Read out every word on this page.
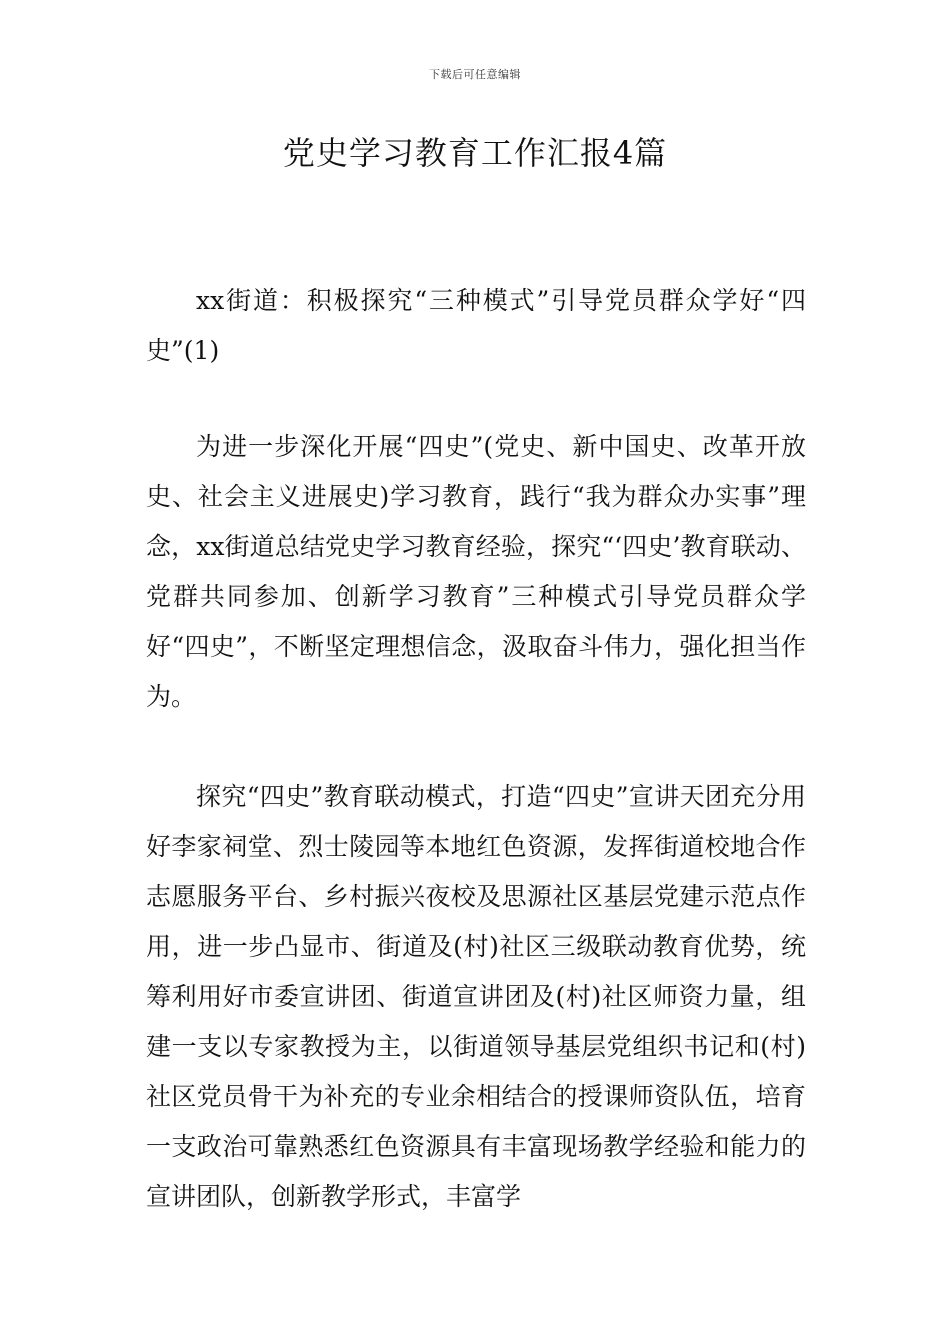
下载后可任意编辑
党史学习教育工作汇报4篇

xx街道：积极探究“三种模式”引导党员群众学好“四史”(1)

为进一步深化开展“四史”(党史、新中国史、改革开放史、社会主义进展史)学习教育，践行“我为群众办实事”理念，xx街道总结党史学习教育经验，探究“‘四史’教育联动、党群共同参加、创新学习教育”三种模式引导党员群众学好“四史”，不断坚定理想信念，汲取奋斗伟力，强化担当作为。

探究“四史”教育联动模式，打造“四史”宣讲天团充分用好李家祠堂、烈士陵园等本地红色资源，发挥街道校地合作志愿服务平台、乡村振兴夜校及思源社区基层党建示范点作用，进一步凸显市、街道及(村)社区三级联动教育优势，统筹利用好市委宣讲团、街道宣讲团及(村)社区师资力量，组建一支以专家教授为主，以街道领导基层党组织书记和(村)社区党员骨干为补充的专业余相结合的授课师资队伍，培育一支政治可靠熟悉红色资源具有丰富现场教学经验和能力的宣讲团队，创新教学形式，丰富学
